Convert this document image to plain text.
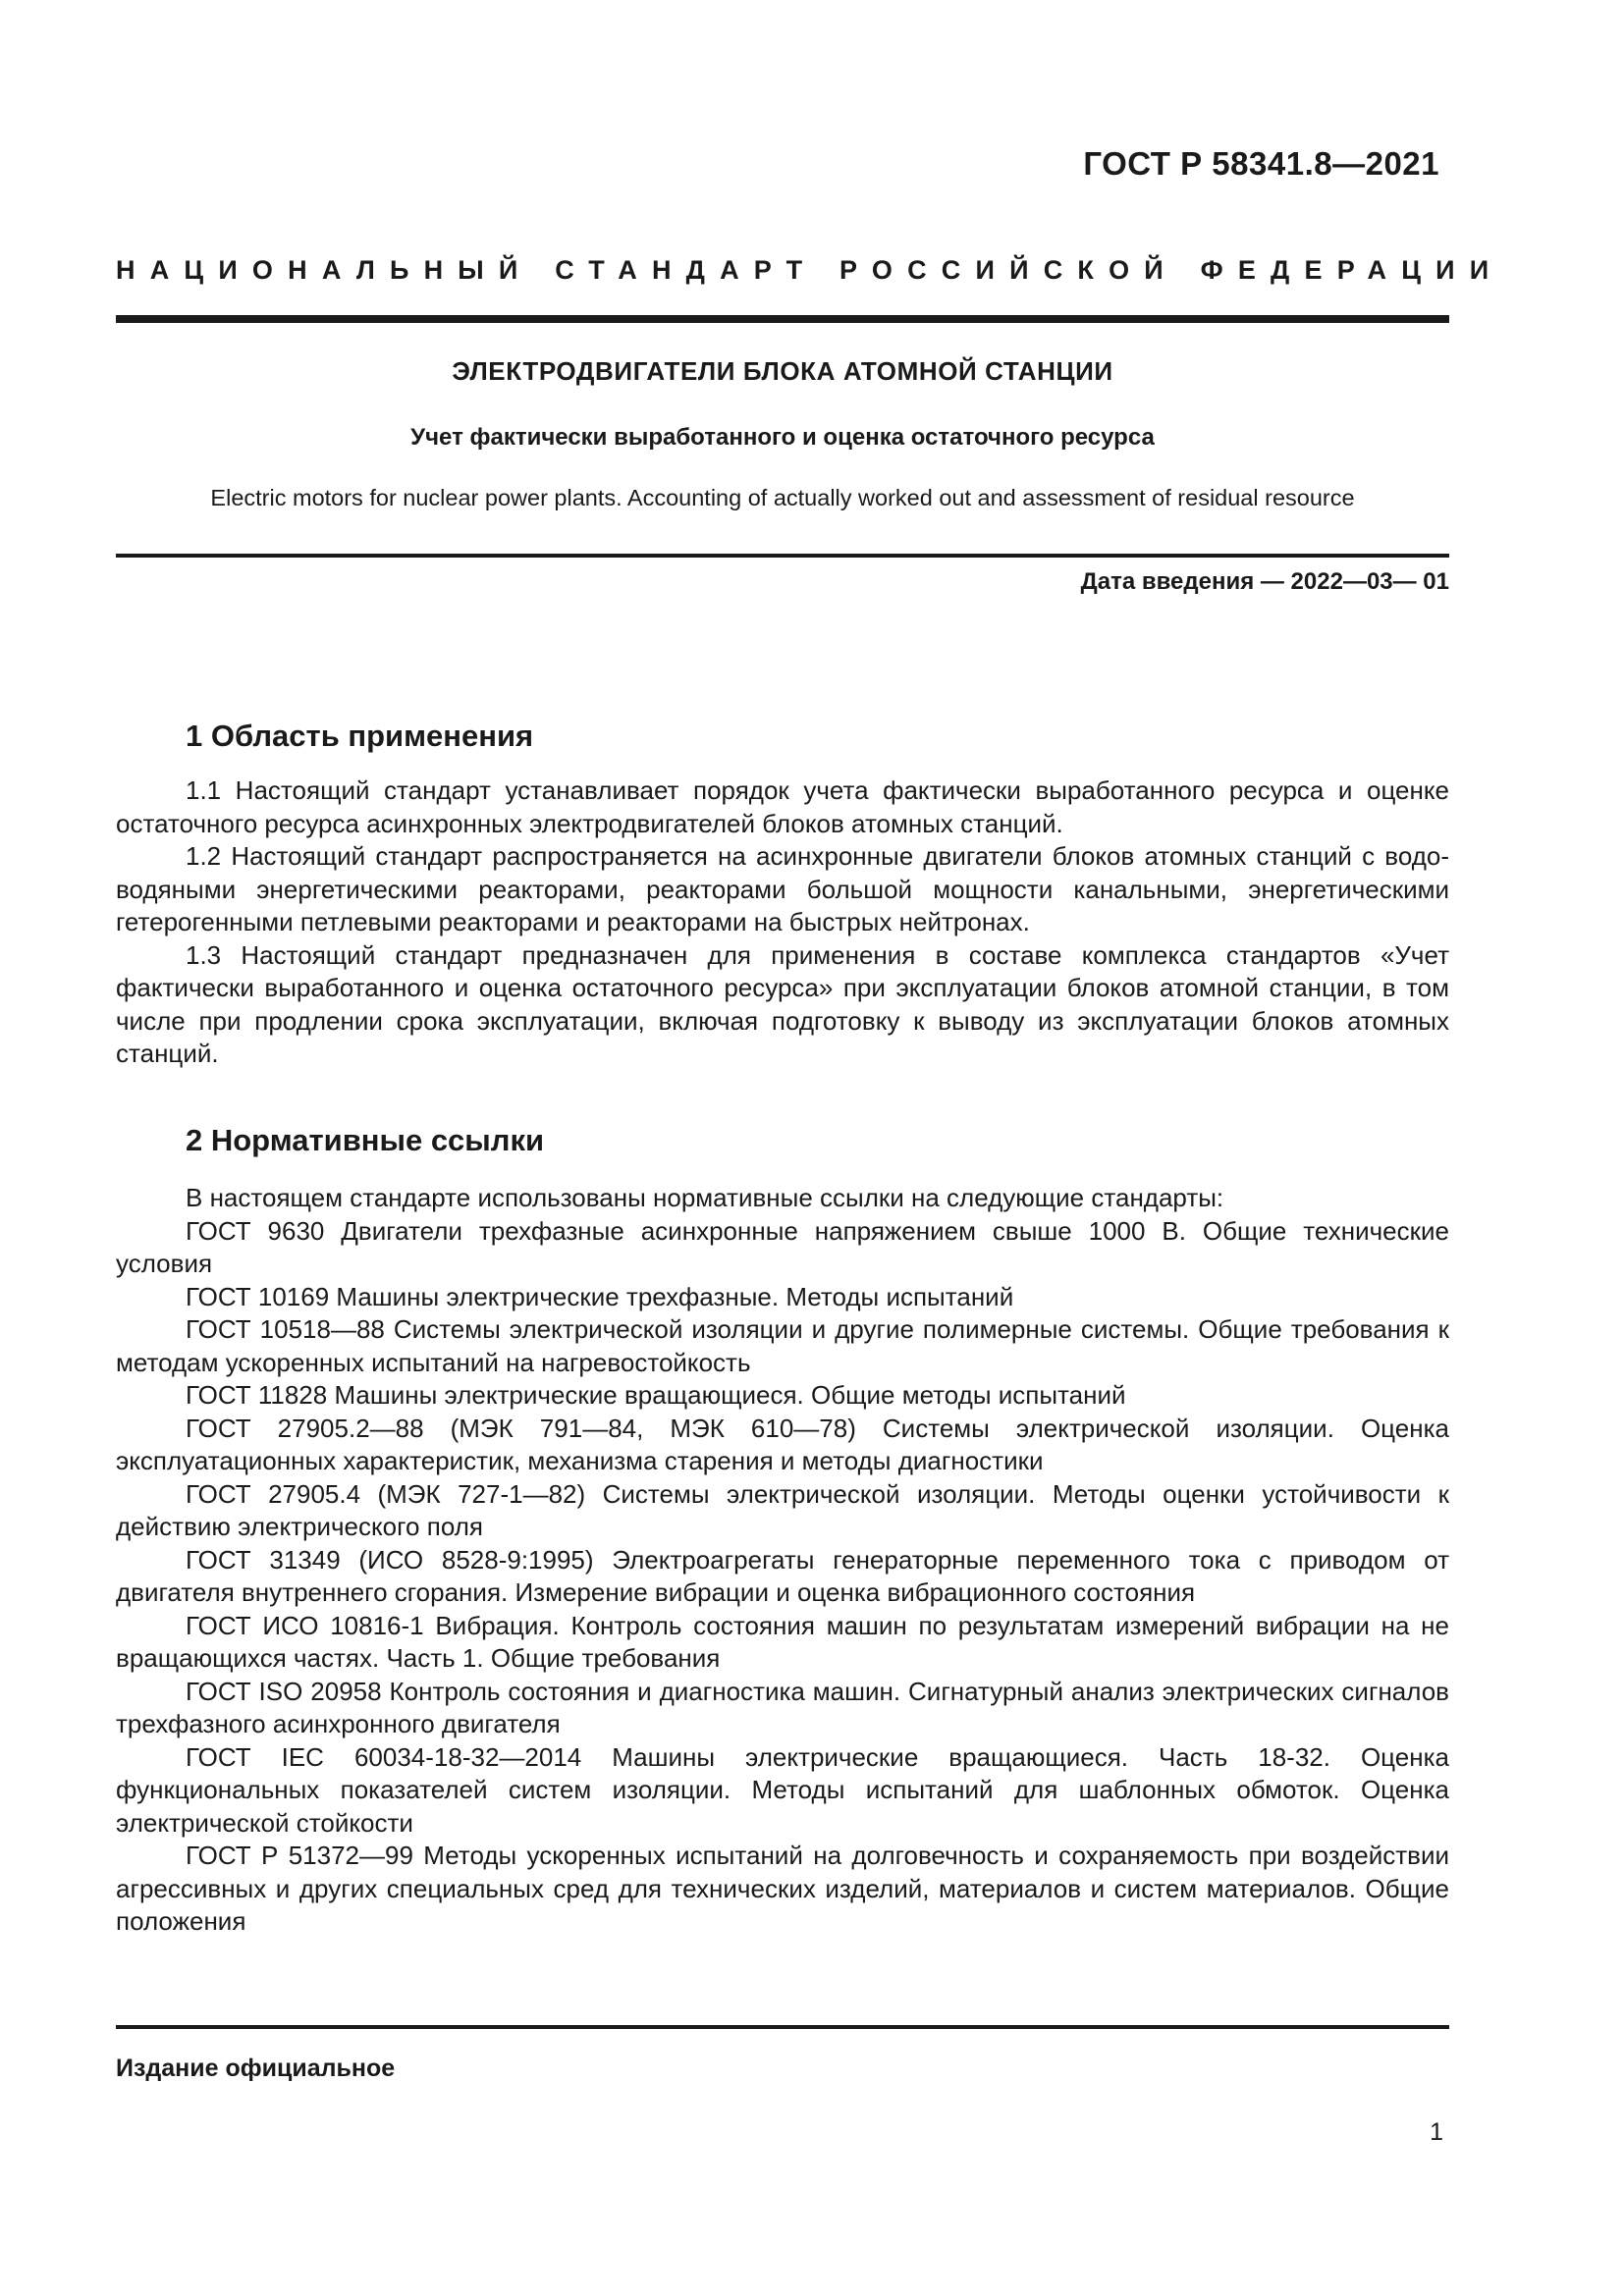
ГОСТ Р 58341.8—2021
НАЦИОНАЛЬНЫЙ СТАНДАРТ РОССИЙСКОЙ ФЕДЕРАЦИИ
ЭЛЕКТРОДВИГАТЕЛИ БЛОКА АТОМНОЙ СТАНЦИИ
Учет фактически выработанного и оценка остаточного ресурса
Electric motors for nuclear power plants. Accounting of actually worked out and assessment of residual resource
Дата введения — 2022—03— 01
1 Область применения

1.1 Настоящий стандарт устанавливает порядок учета фактически выработанного ресурса и оценке остаточного ресурса асинхронных электродвигателей блоков атомных станций.

1.2 Настоящий стандарт распространяется на асинхронные двигатели блоков атомных станций с водо-водяными энергетическими реакторами, реакторами большой мощности канальными, энергетическими гетерогенными петлевыми реакторами и реакторами на быстрых нейтронах.

1.3 Настоящий стандарт предназначен для применения в составе комплекса стандартов «Учет фактически выработанного и оценка остаточного ресурса» при эксплуатации блоков атомной станции, в том числе при продлении срока эксплуатации, включая подготовку к выводу из эксплуатации блоков атомных станций.

2 Нормативные ссылки

В настоящем стандарте использованы нормативные ссылки на следующие стандарты:

ГОСТ 9630 Двигатели трехфазные асинхронные напряжением свыше 1000 В. Общие технические условия

ГОСТ 10169 Машины электрические трехфазные. Методы испытаний

ГОСТ 10518—88 Системы электрической изоляции и другие полимерные системы. Общие требования к методам ускоренных испытаний на нагревостойкость

ГОСТ 11828 Машины электрические вращающиеся. Общие методы испытаний

ГОСТ 27905.2—88 (МЭК 791—84, МЭК 610—78) Системы электрической изоляции. Оценка эксплуатационных характеристик, механизма старения и методы диагностики

ГОСТ 27905.4 (МЭК 727-1—82) Системы электрической изоляции. Методы оценки устойчивости к действию электрического поля

ГОСТ 31349 (ИСО 8528-9:1995) Электроагрегаты генераторные переменного тока с приводом от двигателя внутреннего сгорания. Измерение вибрации и оценка вибрационного состояния

ГОСТ ИСО 10816-1 Вибрация. Контроль состояния машин по результатам измерений вибрации на не вращающихся частях. Часть 1. Общие требования

ГОСТ ISO 20958 Контроль состояния и диагностика машин. Сигнатурный анализ электрических сигналов трехфазного асинхронного двигателя

ГОСТ IEC 60034-18-32—2014 Машины электрические вращающиеся. Часть 18-32. Оценка функциональных показателей систем изоляции. Методы испытаний для шаблонных обмоток. Оценка электрической стойкости

ГОСТ Р 51372—99 Методы ускоренных испытаний на долговечность и сохраняемость при воздействии агрессивных и других специальных сред для технических изделий, материалов и систем материалов. Общие положения

Издание официальное
1
